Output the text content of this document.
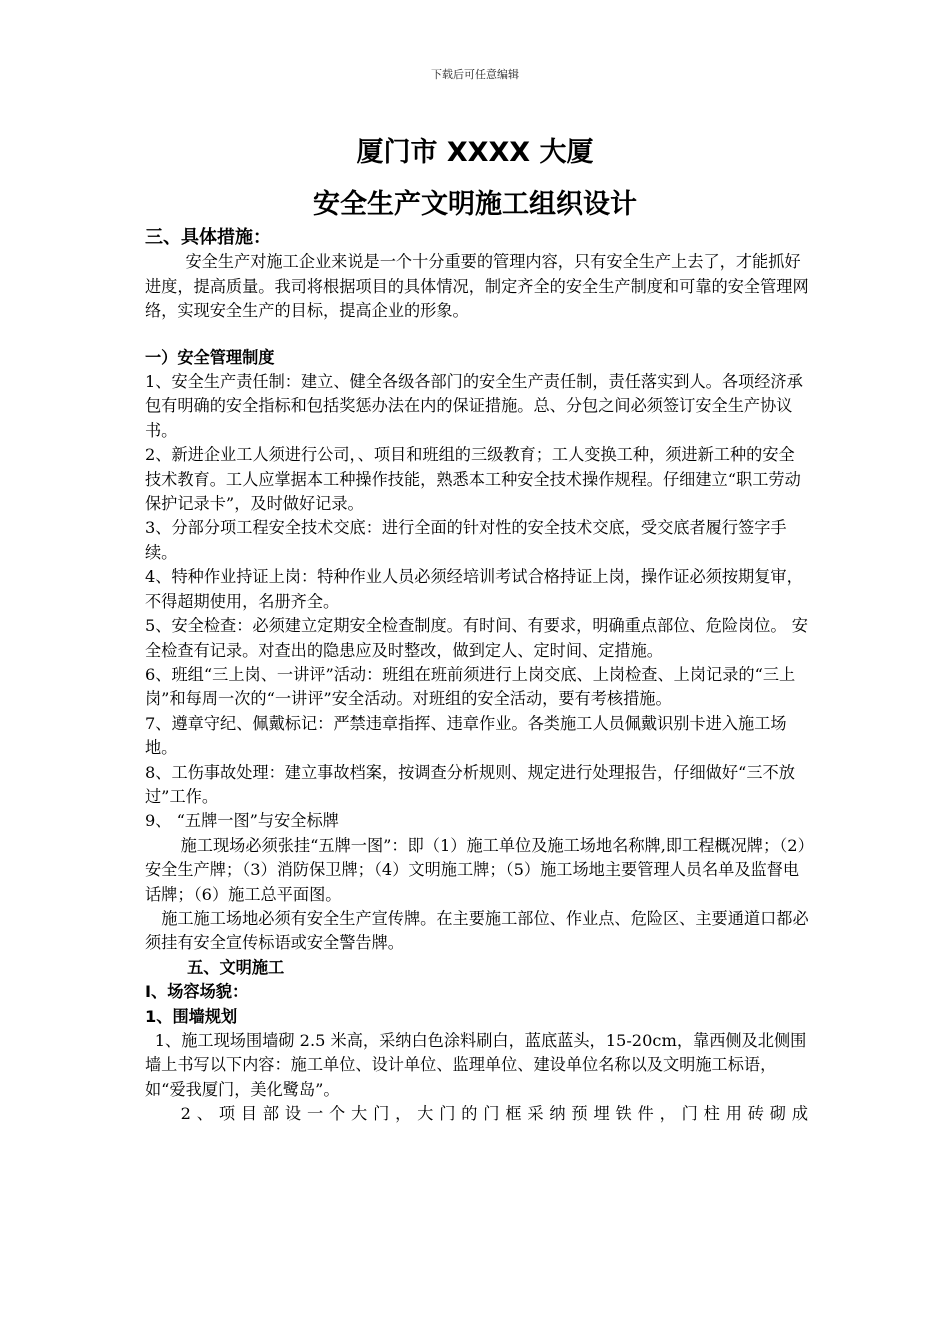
下载后可任意编辑
厦门市 XXXX 大厦
安全生产文明施工组织设计

三、具体措施：

安全生产对施工企业来说是一个十分重要的管理内容，只有安全生产上去了，才能抓好进度，提高质量。我司将根据项目的具体情况，制定齐全的安全生产制度和可靠的安全管理网络，实现安全生产的目标，提高企业的形象。

一）安全管理制度

1、安全生产责任制：建立、健全各级各部门的安全生产责任制，责任落实到人。各项经济承包有明确的安全指标和包括奖惩办法在内的保证措施。总、分包之间必须签订安全生产协议书。

2、新进企业工人须进行公司，、项目和班组的三级教育；工人变换工种，须进新工种的安全技术教育。工人应掌据本工种操作技能，熟悉本工种安全技术操作规程。仔细建立“职工劳动保护记录卡”，及时做好记录。

3、分部分项工程安全技术交底：进行全面的针对性的安全技术交底，受交底者履行签字手续。

4、特种作业持证上岗：特种作业人员必须经培训考试合格持证上岗，操作证必须按期复审，不得超期使用，名册齐全。

5、安全检查：必须建立定期安全检查制度。有时间、有要求，明确重点部位、危险岗位。 安全检查有记录。对查出的隐患应及时整改，做到定人、定时间、定措施。

6、班组“三上岗、一讲评”活动：班组在班前须进行上岗交底、上岗检查、上岗记录的“三上岗”和每周一次的“一讲评”安全活动。对班组的安全活动，要有考核措施。

7、遵章守纪、佩戴标记：严禁违章指挥、违章作业。各类施工人员佩戴识别卡进入施工场地。

8、工伤事故处理：建立事故档案，按调查分析规则、规定进行处理报告，仔细做好“三不放过”工作。

9、 “五牌一图”与安全标牌

施工现场必须张挂“五牌一图”：即（1）施工单位及施工场地名称牌,即工程概况牌；（2）安全生产牌；（3）消防保卫牌；（4）文明施工牌；（5）施工场地主要管理人员名单及监督电话牌；（6）施工总平面图。

施工施工场地必须有安全生产宣传牌。在主要施工部位、作业点、危险区、主要通道口都必须挂有安全宣传标语或安全警告牌。

五、文明施工

I、场容场貌：

1、围墙规划

1、施工现场围墙砌 2.5 米高，采纳白色涂料刷白，蓝底蓝头，15-20cm，靠西侧及北侧围墙上书写以下内容：施工单位、设计单位、监理单位、建设单位名称以及文明施工标语，如“爱我厦门，美化鹭岛”。

2、项目部设一个大门，大门的门框采纳预埋铁件，门柱用砖砌成
